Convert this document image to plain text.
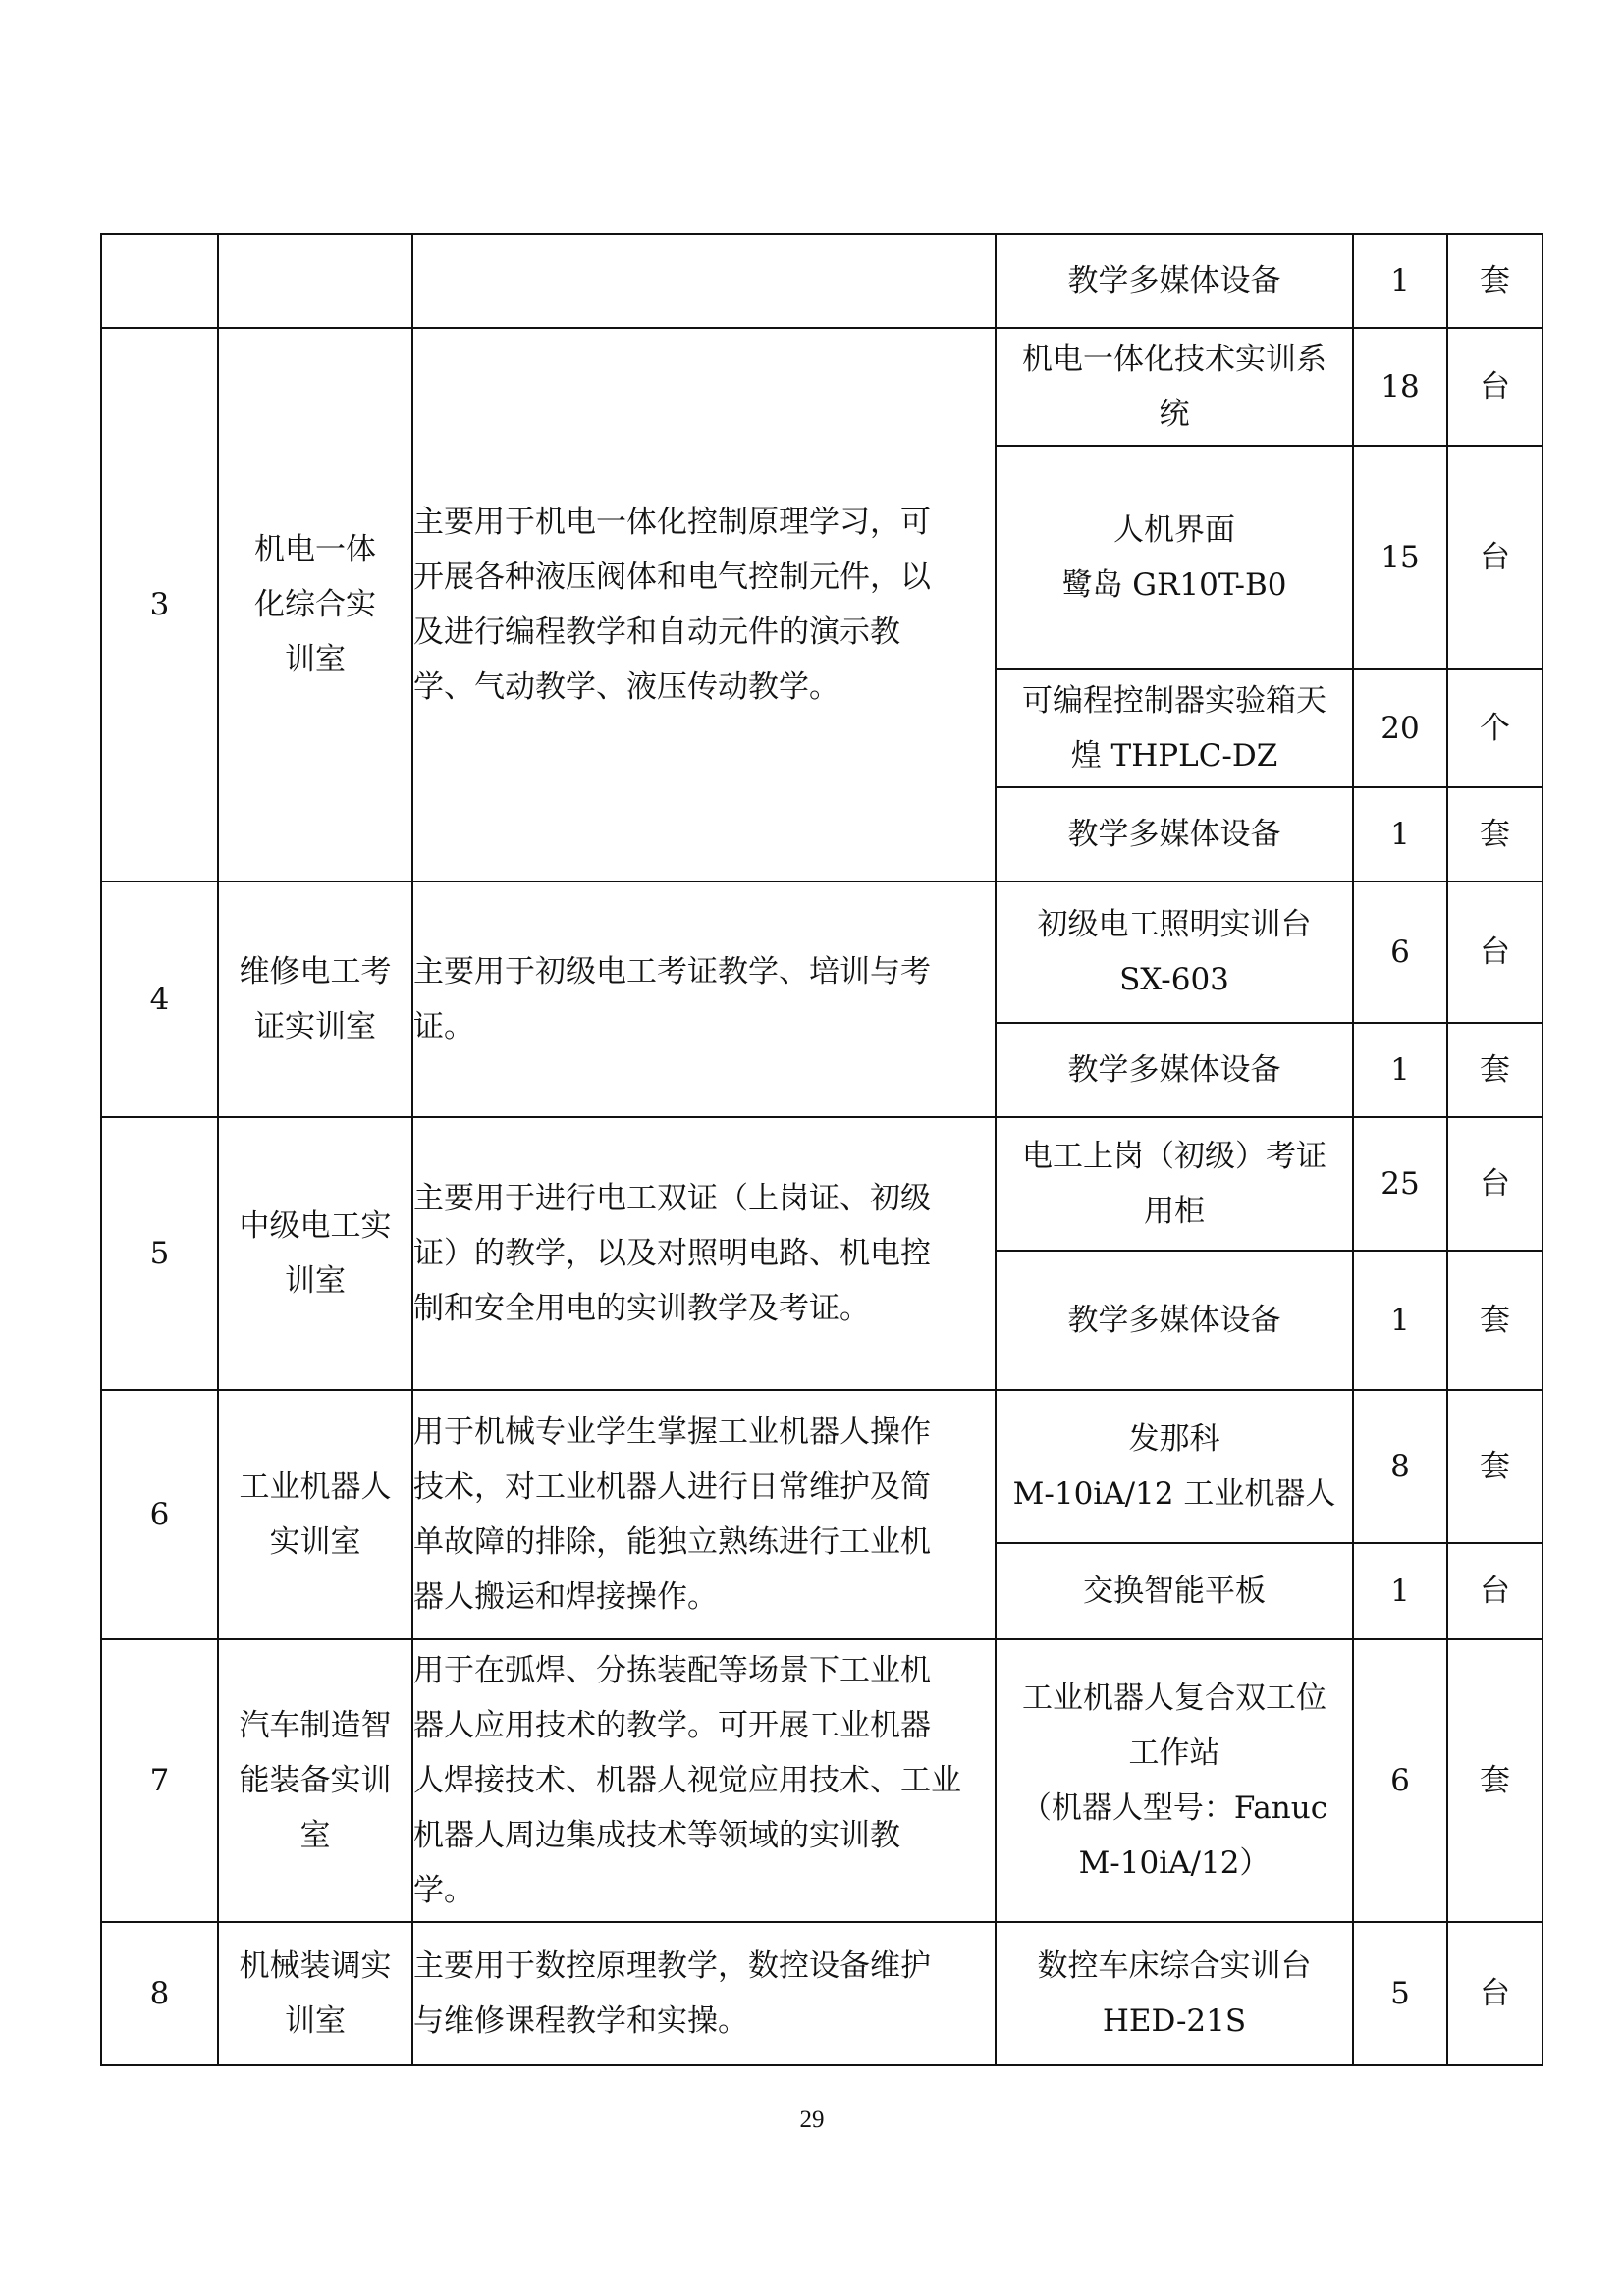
			教学多媒体设备	1	套
3	机电一体
化综合实
训室	主要用于机电一体化控制原理学习，可
开展各种液压阀体和电气控制元件，以
及进行编程教学和自动元件的演示教
学、气动教学、液压传动教学。	机电一体化技术实训系
统	18	台

			人机界面
鹭岛 GR10T-B0	15	台

			可编程控制器实验箱天
煌 THPLC-DZ	20	个

			教学多媒体设备	1	套
4	维修电工考
证实训室	主要用于初级电工考证教学、培训与考
证。	初级电工照明实训台
SX-603	6	台

			教学多媒体设备	1	套
5	中级电工实
训室	主要用于进行电工双证（上岗证、初级
证）的教学，以及对照明电路、机电控
制和安全用电的实训教学及考证。	电工上岗（初级）考证
用柜	25	台

			教学多媒体设备	1	套
6	工业机器人
实训室	用于机械专业学生掌握工业机器人操作
技术，对工业机器人进行日常维护及简
单故障的排除，能独立熟练进行工业机
器人搬运和焊接操作。	发那科
M-10iA/12 工业机器人	8	套

			交换智能平板	1	台
7	汽车制造智
能装备实训
室	用于在弧焊、分拣装配等场景下工业机
器人应用技术的教学。可开展工业机器
人焊接技术、机器人视觉应用技术、工业
机器人周边集成技术等领域的实训教
学。	工业机器人复合双工位
工作站
（机器人型号：Fanuc
M-10iA/12）	6	套
8	机械装调实
训室	主要用于数控原理教学，数控设备维护
与维修课程教学和实操。	数控车床综合实训台
HED-21S	5	台
29
